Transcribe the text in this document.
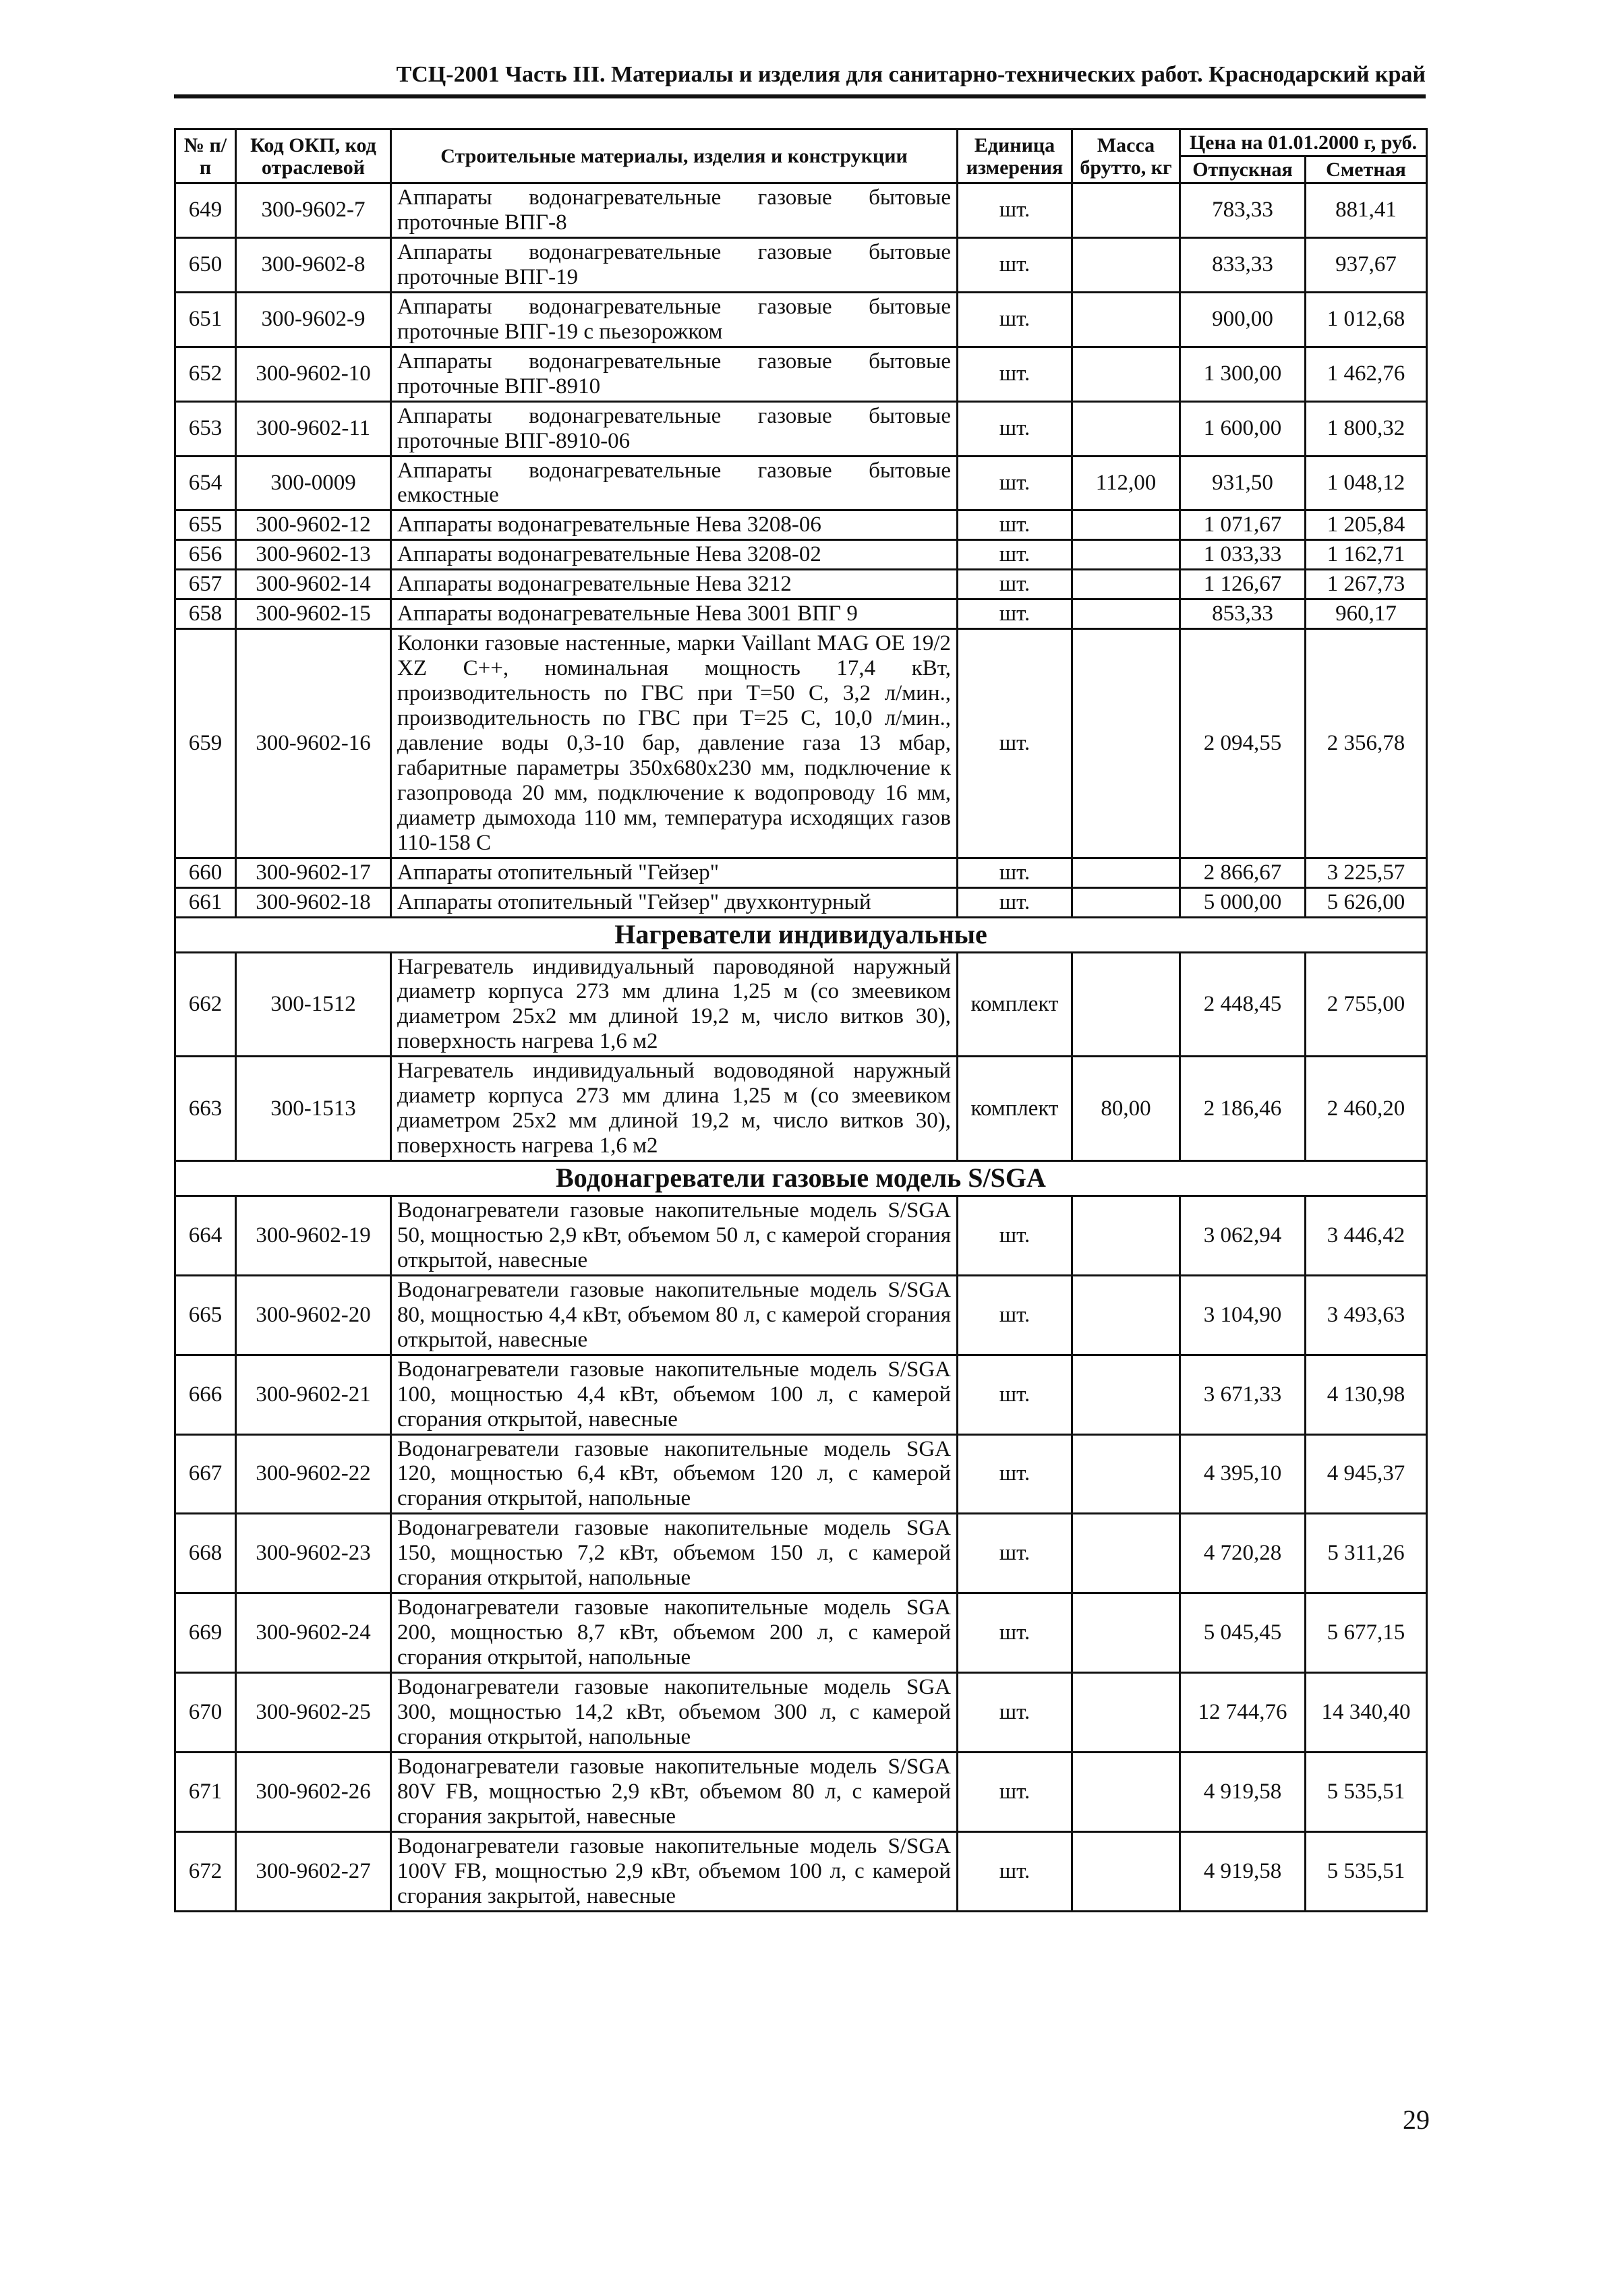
ТСЦ-2001 Часть III. Материалы и изделия для санитарно-технических работ. Краснодарский край
№ п/п	Код ОКП, код отраслевой	Строительные материалы, изделия и конструкции	Единица измерения	Масса брутто, кг	Цена на 01.01.2000 г, руб.	
					Отпускная	Сметная
649	300-9602-7	Аппараты водонагревательные газовые бытовые проточные ВПГ-8	шт.		783,33	881,41
650	300-9602-8	Аппараты водонагревательные газовые бытовые проточные ВПГ-19	шт.		833,33	937,67
651	300-9602-9	Аппараты водонагревательные газовые бытовые проточные ВПГ-19 с пьезорожком	шт.		900,00	1 012,68
652	300-9602-10	Аппараты водонагревательные газовые бытовые проточные ВПГ-8910	шт.		1 300,00	1 462,76
653	300-9602-11	Аппараты водонагревательные газовые бытовые проточные ВПГ-8910-06	шт.		1 600,00	1 800,32
654	300-0009	Аппараты водонагревательные газовые бытовые емкостные	шт.	112,00	931,50	1 048,12
655	300-9602-12	Аппараты водонагревательные Нева 3208-06	шт.		1 071,67	1 205,84
656	300-9602-13	Аппараты водонагревательные Нева 3208-02	шт.		1 033,33	1 162,71
657	300-9602-14	Аппараты водонагревательные Нева 3212	шт.		1 126,67	1 267,73
658	300-9602-15	Аппараты водонагревательные Нева 3001 ВПГ 9	шт.		853,33	960,17
659	300-9602-16	Колонки газовые настенные, марки Vaillant MAG OE 19/2 XZ C++, номинальная мощность 17,4 кВт, производительность по ГВС при Т=50 С, 3,2 л/мин., производительность по ГВС при Т=25 С, 10,0 л/мин., давление воды 0,3-10 бар, давление газа 13 мбар, габаритные параметры 350х680х230 мм, подключение к газопровода 20 мм, подключение к водопроводу 16 мм, диаметр дымохода 110 мм, температура исходящих газов 110-158 С	шт.		2 094,55	2 356,78
660	300-9602-17	Аппараты отопительный "Гейзер"	шт.		2 866,67	3 225,57
661	300-9602-18	Аппараты отопительный "Гейзер" двухконтурный	шт.		5 000,00	5 626,00
Нагреватели индивидуальные						
662	300-1512	Нагреватель индивидуальный пароводяной наружный диаметр корпуса 273 мм длина 1,25 м (со змеевиком диаметром 25х2 мм длиной 19,2 м, число витков 30), поверхность нагрева 1,6 м2	комплект		2 448,45	2 755,00
663	300-1513	Нагреватель индивидуальный водоводяной наружный диаметр корпуса 273 мм длина 1,25 м (со змеевиком диаметром 25х2 мм длиной 19,2 м, число витков 30), поверхность нагрева 1,6 м2	комплект	80,00	2 186,46	2 460,20
Водонагреватели газовые модель S/SGA						
664	300-9602-19	Водонагреватели газовые накопительные модель S/SGA 50, мощностью 2,9 кВт, объемом 50 л, с камерой сгорания открытой, навесные	шт.		3 062,94	3 446,42
665	300-9602-20	Водонагреватели газовые накопительные модель S/SGA 80, мощностью 4,4 кВт, объемом 80 л, с камерой сгорания открытой, навесные	шт.		3 104,90	3 493,63
666	300-9602-21	Водонагреватели газовые накопительные модель S/SGA 100, мощностью 4,4 кВт, объемом 100 л, с камерой сгорания открытой, навесные	шт.		3 671,33	4 130,98
667	300-9602-22	Водонагреватели газовые накопительные модель SGA 120, мощностью 6,4 кВт, объемом 120 л, с камерой сгорания открытой, напольные	шт.		4 395,10	4 945,37
668	300-9602-23	Водонагреватели газовые накопительные модель SGA 150, мощностью 7,2 кВт, объемом 150 л, с камерой сгорания открытой, напольные	шт.		4 720,28	5 311,26
669	300-9602-24	Водонагреватели газовые накопительные модель SGA 200, мощностью 8,7 кВт, объемом 200 л, с камерой сгорания открытой, напольные	шт.		5 045,45	5 677,15
670	300-9602-25	Водонагреватели газовые накопительные модель SGA 300, мощностью 14,2 кВт, объемом 300 л, с камерой сгорания открытой, напольные	шт.		12 744,76	14 340,40
671	300-9602-26	Водонагреватели газовые накопительные модель S/SGA 80V FB, мощностью 2,9 кВт, объемом 80 л, с камерой сгорания закрытой, навесные	шт.		4 919,58	5 535,51
672	300-9602-27	Водонагреватели газовые накопительные модель S/SGA 100V FB, мощностью 2,9 кВт, объемом 100 л, с камерой сгорания закрытой, навесные	шт.		4 919,58	5 535,51
29
